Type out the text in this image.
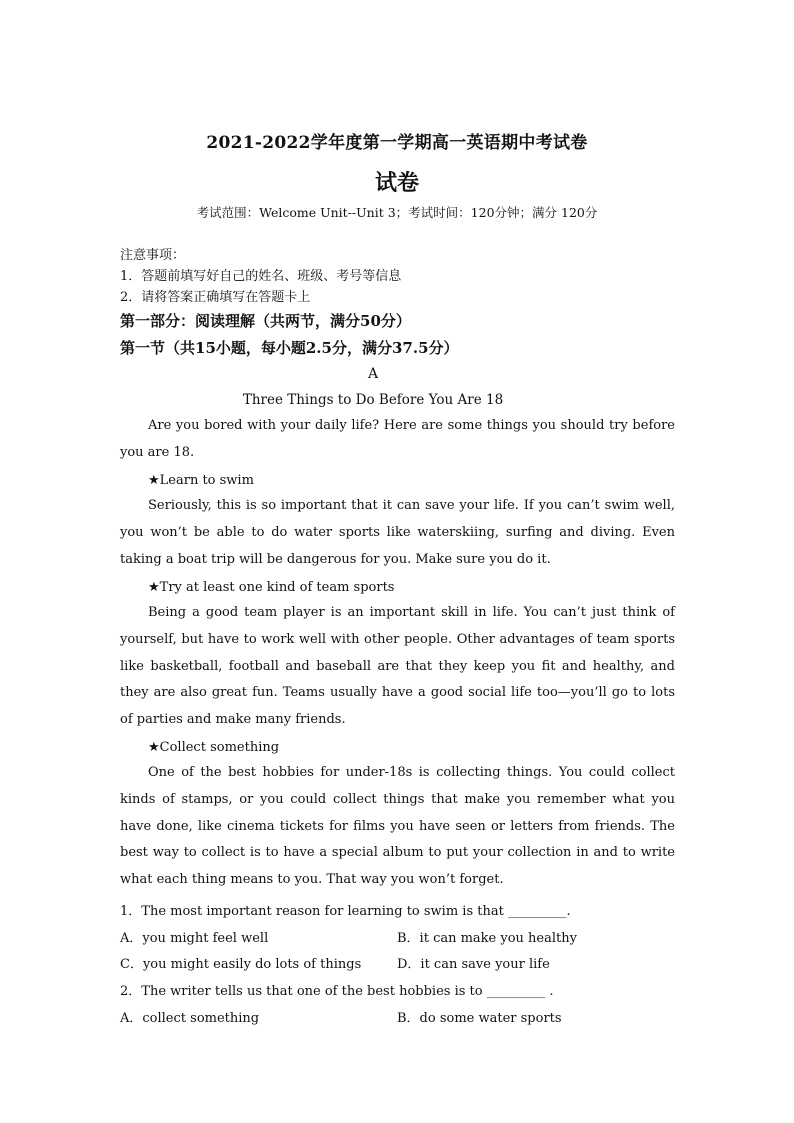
2021-2022学年度第一学期高一英语期中考试卷
试卷
考试范围：Welcome Unit--Unit 3；考试时间：120分钟；满分 120分
注意事项：
1．答题前填写好自己的姓名、班级、考号等信息
2．请将答案正确填写在答题卡上
第一部分：阅读理解（共两节，满分50分）
第一节（共15小题，每小题2.5分，满分37.5分）
A
Three Things to Do Before You Are 18

Are you bored with your daily life? Here are some things you should try before you are 18.

★Learn to swim

Seriously, this is so important that it can save your life. If you can’t swim well, you won’t be able to do water sports like waterskiing, surfing and diving. Even taking a boat trip will be dangerous for you. Make sure you do it.

★Try at least one kind of team sports

Being a good team player is an important skill in life. You can’t just think of yourself, but have to work well with other people. Other advantages of team sports like basketball, football and baseball are that they keep you fit and healthy, and they are also great fun. Teams usually have a good social life too—you’ll go to lots of parties and make many friends.

★Collect something

One of the best hobbies for under-18s is collecting things. You could collect kinds of stamps, or you could collect things that make you remember what you have done, like cinema tickets for films you have seen or letters from friends. The best way to collect is to have a special album to put your collection in and to write what each thing means to you. That way you won’t forget.

1．The most important reason for learning to swim is that _________.
A．you might feel well	B．it can make you healthy
C．you might easily do lots of things	D．it can save your life
2．The writer tells us that one of the best hobbies is to _________ .
A．collect something	B．do some water sports
